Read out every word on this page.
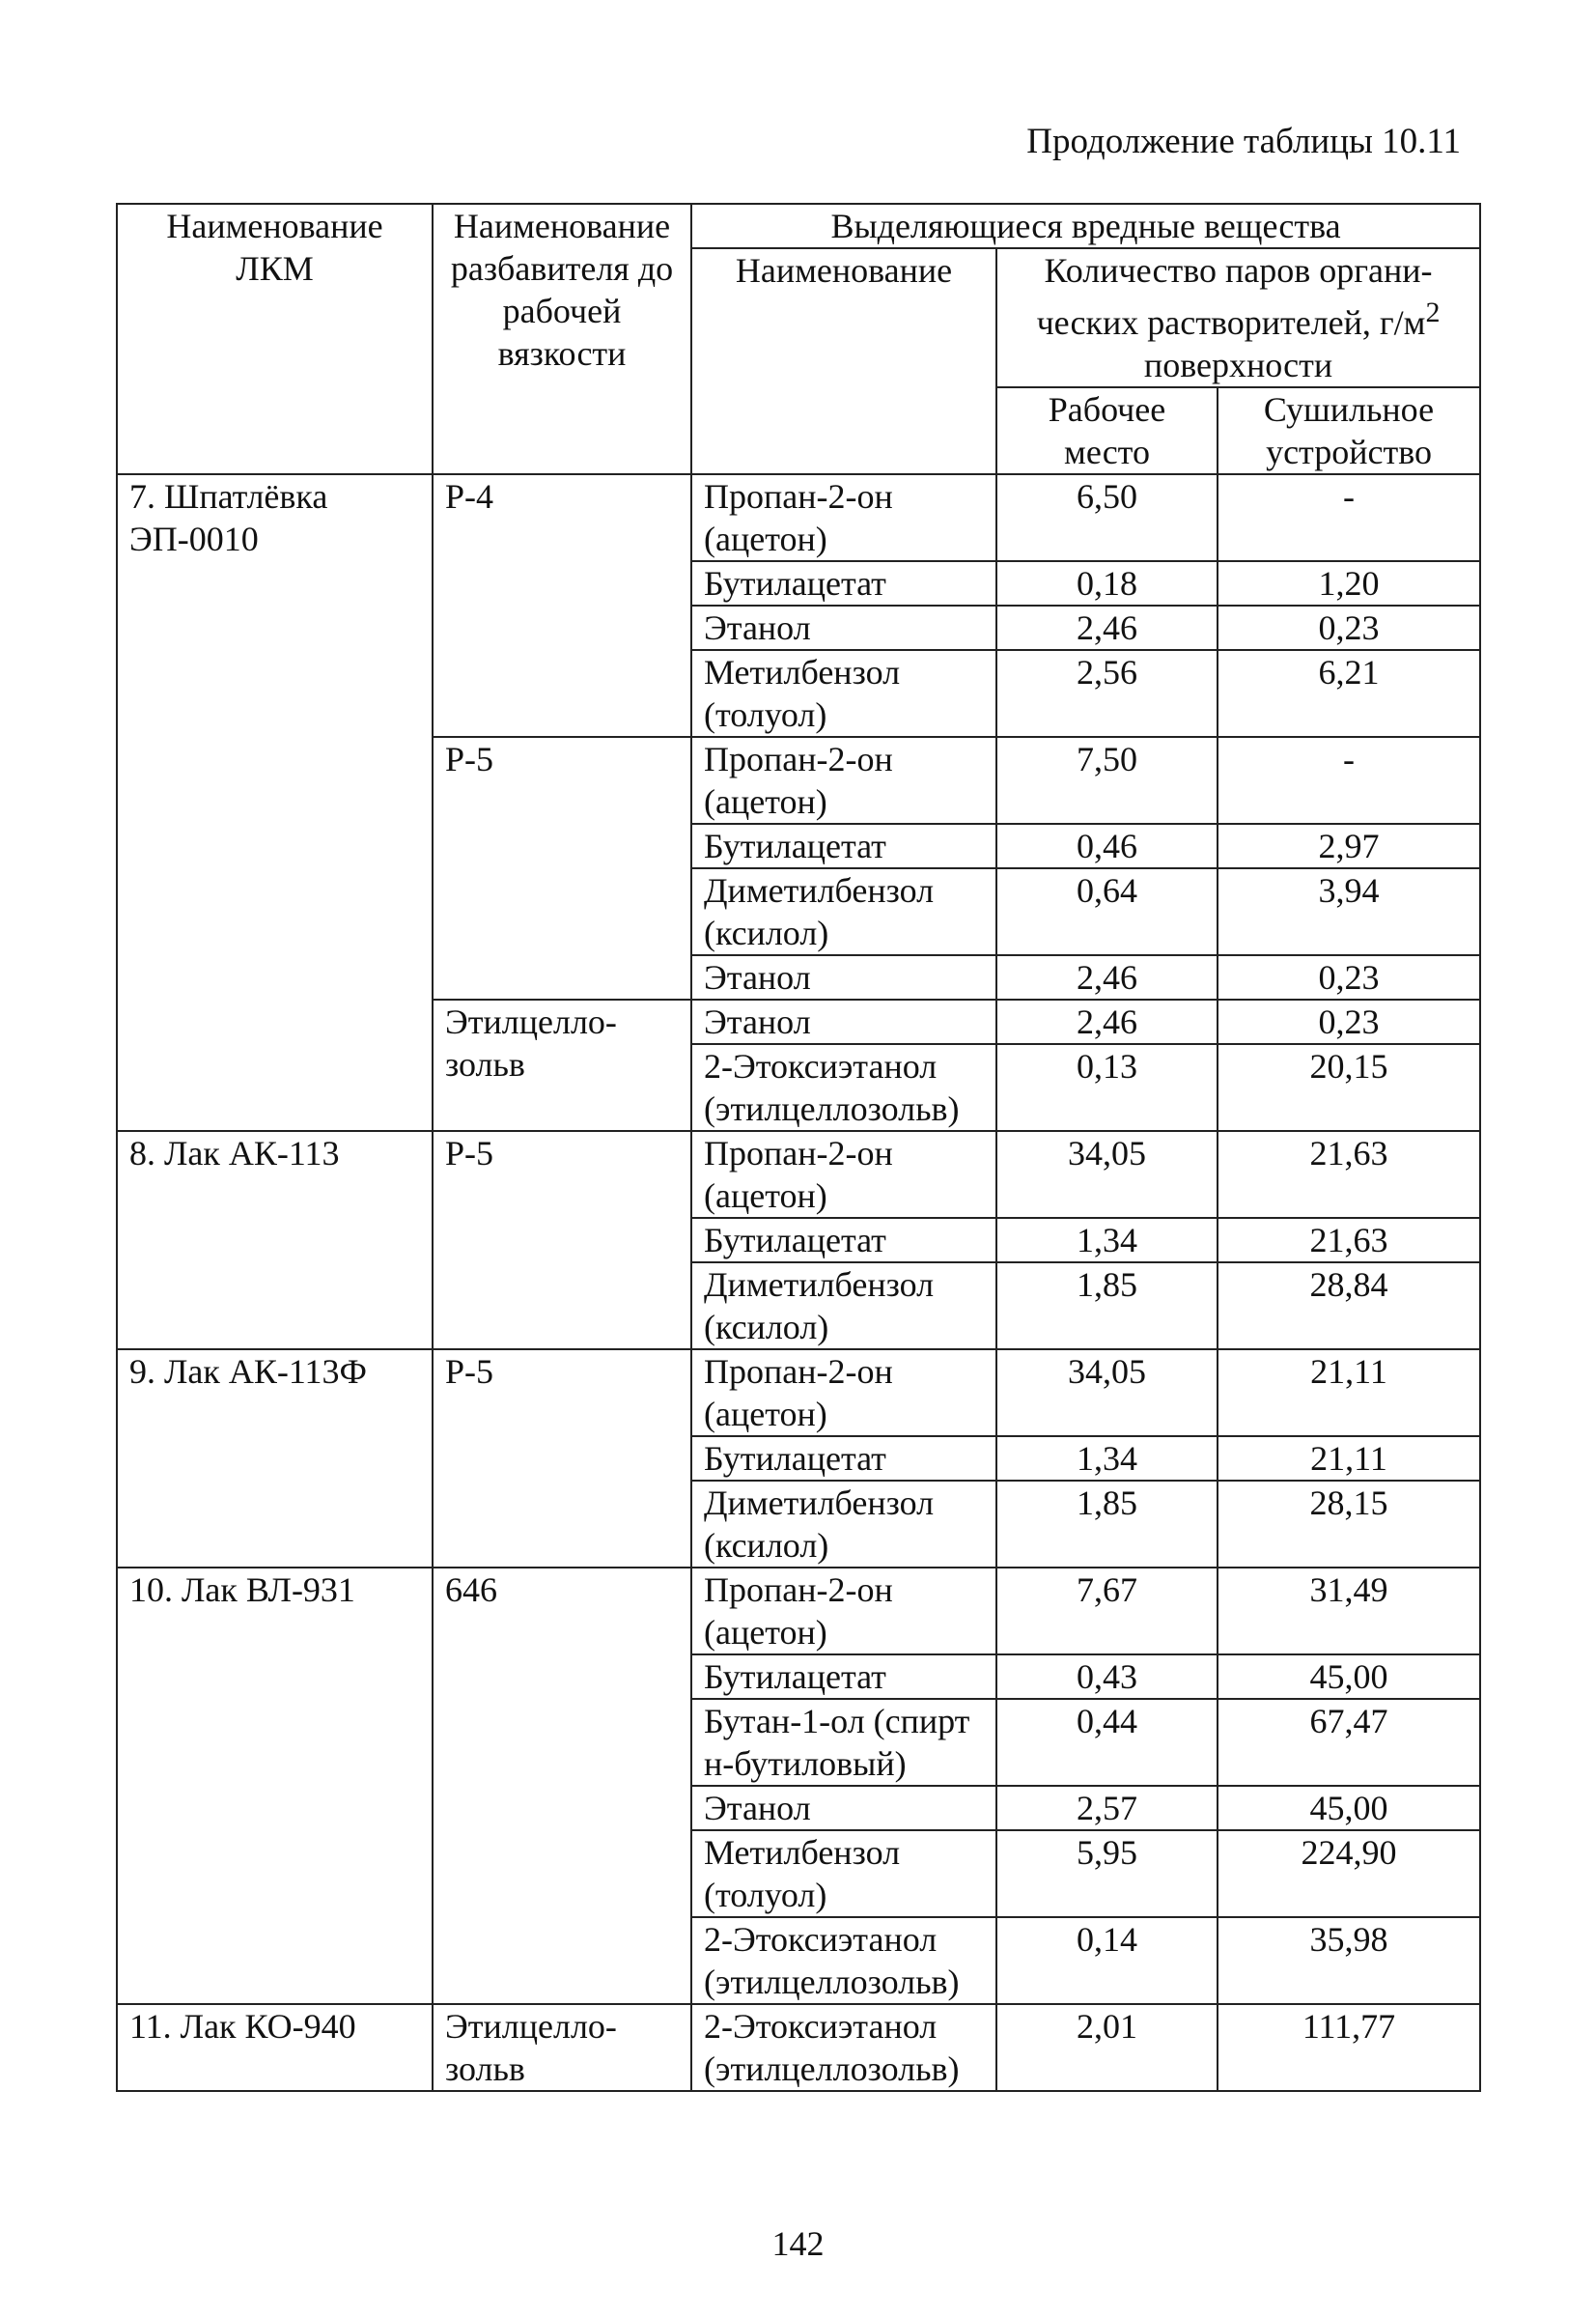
Продолжение таблицы 10.11
Наименование ЛКМ	Наименование разбавителя до рабочей вязкости	Выделяющиеся вредные вещества		
		Наименование	Количество паров органи-ческих растворителей, $г/м^2$ поверхности	
			Рабочее место	Сушильное устройство
7. Шпатлёвка ЭП-0010	Р-4	Пропан-2-он (ацетон)	6,50	-
		Бутилацетат	0,18	1,20
		Этанол	2,46	0,23
		Метилбензол (толуол)	2,56	6,21
	Р-5	Пропан-2-он (ацетон)	7,50	-
		Бутилацетат	0,46	2,97
		Диметилбензол (ксилол)	0,64	3,94
		Этанол	2,46	0,23
	Этилцелло-зольв	Этанол	2,46	0,23
		2-Этоксиэтанол (этилцеллозольв)	0,13	20,15
8. Лак АК-113	Р-5	Пропан-2-он (ацетон)	34,05	21,63
		Бутилацетат	1,34	21,63
		Диметилбензол (ксилол)	1,85	28,84
9. Лак АК-113Ф	Р-5	Пропан-2-он (ацетон)	34,05	21,11
		Бутилацетат	1,34	21,11
		Диметилбензол (ксилол)	1,85	28,15
10. Лак ВЛ-931	646	Пропан-2-он (ацетон)	7,67	31,49
		Бутилацетат	0,43	45,00
		Бутан-1-ол (спирт н-бутиловый)	0,44	67,47
		Этанол	2,57	45,00
		Метилбензол (толуол)	5,95	224,90
		2-Этоксиэтанол (этилцеллозольв)	0,14	35,98
11. Лак КО-940	Этилцелло-зольв	2-Этоксиэтанол (этилцеллозольв)	2,01	111,77
142
